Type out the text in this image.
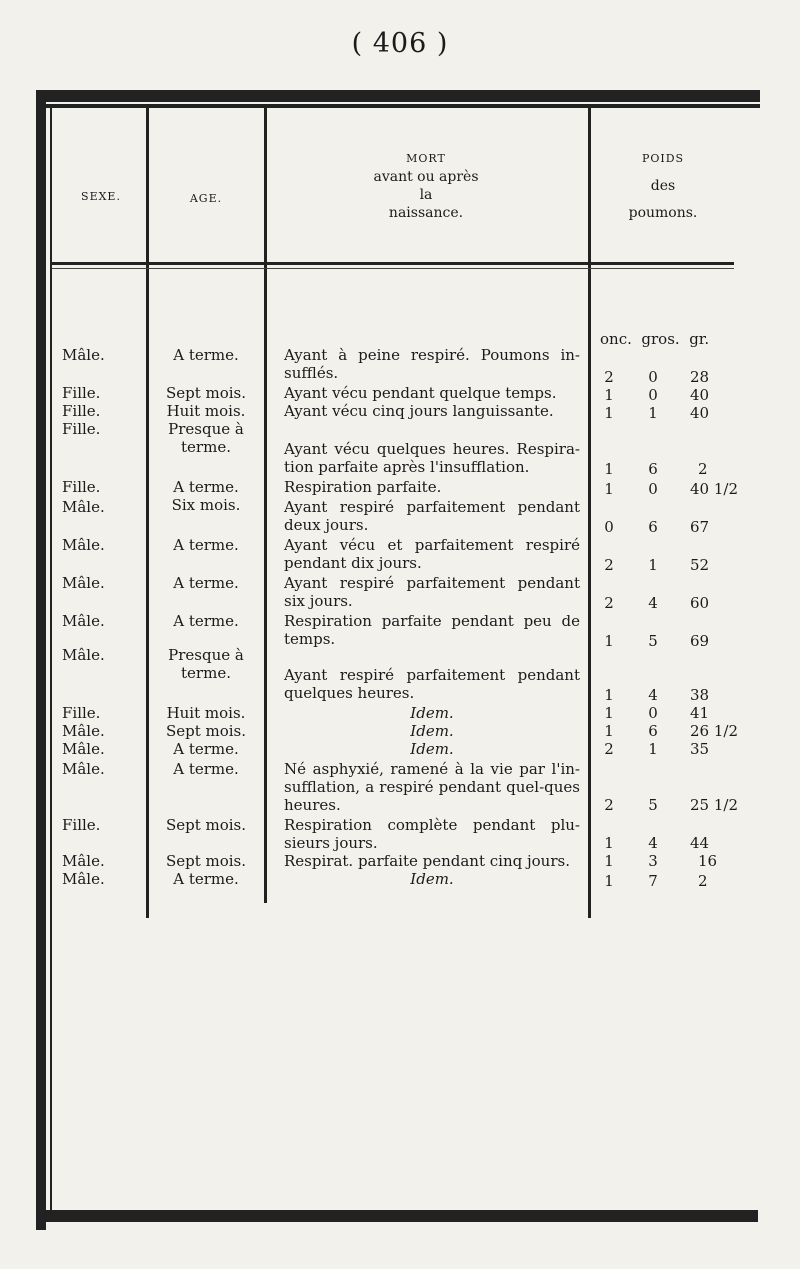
( 406 )
SEXE.	AGE.
MORT
avant ou après
la
naissance.
POIDS
des
poumons.
onc.  gros.  gr.
Mâle.	A terme.	Ayant à peine respiré. Poumons in-sufflés.	2	0	28
Fille.	Sept mois.	Ayant vécu pendant quelque temps.	1	0	40
Fille.	Huit mois.	Ayant vécu cinq jours languissante.	1	1	40
Fille.	Presque à terme.	Ayant vécu quelques heures. Respira-tion parfaite après l'insufflation.	1	6	2
Fille.	A terme.	Respiration parfaite.	1	0	40 1/2
Mâle.	Six mois.	Ayant respiré parfaitement pendant deux jours.	0	6	67
Mâle.	A terme.	Ayant vécu et parfaitement respiré pendant dix jours.	2	1	52
Mâle.	A terme.	Ayant respiré parfaitement pendant six jours.	2	4	60
Mâle.	A terme.	Respiration parfaite pendant peu de temps.	1	5	69
Mâle.	Presque à terme.	Ayant respiré parfaitement pendant quelques heures.	1	4	38
Fille.	Huit mois.	Idem.	1	0	41
Mâle.	Sept mois.	Idem.	1	6	26 1/2
Mâle.	A terme.	Idem.	2	1	35
Mâle.	A terme.	Né asphyxié, ramené à la vie par l'in-sufflation, a respiré pendant quel-ques heures.	2	5	25 1/2
Fille.	Sept mois.	Respiration complète pendant plu-sieurs jours.	1	4	44
Mâle.	Sept mois.	Respirat. parfaite pendant cinq jours.	1	3	16
Mâle.	A terme.	Idem.	1	7	2
